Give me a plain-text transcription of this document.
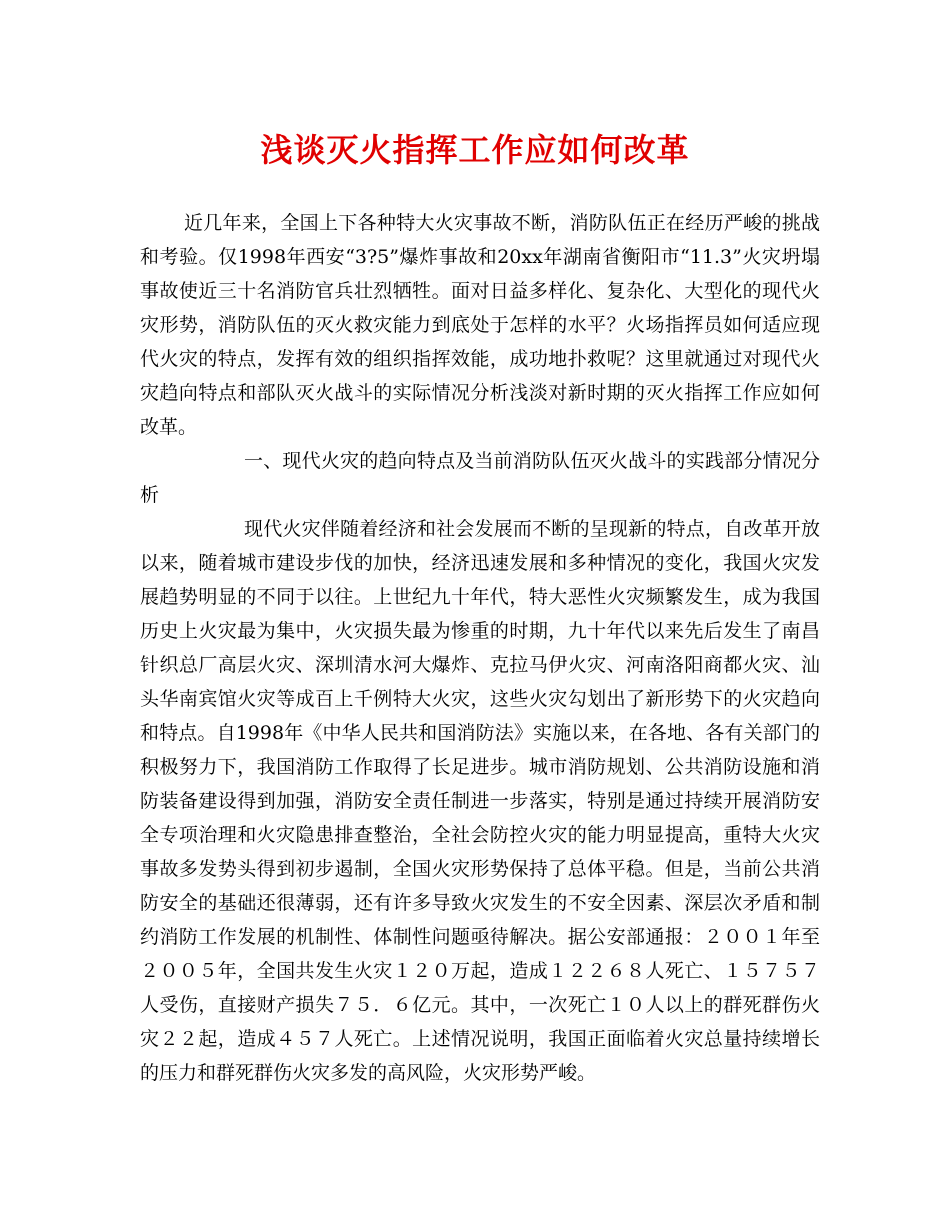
浅谈灭火指挥工作应如何改革

近几年来，全国上下各种特大火灾事故不断，消防队伍正在经历严峻的挑战和考验。仅1998年西安“3?5”爆炸事故和20xx年湖南省衡阳市“11.3”火灾坍塌事故使近三十名消防官兵壮烈牺牲。面对日益多样化、复杂化、大型化的现代火灾形势，消防队伍的灭火救灾能力到底处于怎样的水平？火场指挥员如何适应现代火灾的特点，发挥有效的组织指挥效能，成功地扑救呢？这里就通过对现代火灾趋向特点和部队灭火战斗的实际情况分析浅淡对新时期的灭火指挥工作应如何改革。

一、现代火灾的趋向特点及当前消防队伍灭火战斗的实践部分情况分析

现代火灾伴随着经济和社会发展而不断的呈现新的特点，自改革开放以来，随着城市建设步伐的加快，经济迅速发展和多种情况的变化，我国火灾发展趋势明显的不同于以往。上世纪九十年代，特大恶性火灾频繁发生，成为我国历史上火灾最为集中，火灾损失最为惨重的时期，九十年代以来先后发生了南昌针织总厂高层火灾、深圳清水河大爆炸、克拉马伊火灾、河南洛阳商都火灾、汕头华南宾馆火灾等成百上千例特大火灾，这些火灾勾划出了新形势下的火灾趋向和特点。自1998年《中华人民共和国消防法》实施以来，在各地、各有关部门的积极努力下，我国消防工作取得了长足进步。城市消防规划、公共消防设施和消防装备建设得到加强，消防安全责任制进一步落实，特别是通过持续开展消防安全专项治理和火灾隐患排查整治，全社会防控火灾的能力明显提高，重特大火灾事故多发势头得到初步遏制，全国火灾形势保持了总体平稳。但是，当前公共消防安全的基础还很薄弱，还有许多导致火灾发生的不安全因素、深层次矛盾和制约消防工作发展的机制性、体制性问题亟待解决。据公安部通报：２００１年至２００５年，全国共发生火灾１２０万起，造成１２２６８人死亡、１５７５７人受伤，直接财产损失７５．６亿元。其中，一次死亡１０人以上的群死群伤火灾２２起，造成４５７人死亡。上述情况说明，我国正面临着火灾总量持续增长的压力和群死群伤火灾多发的高风险，火灾形势严峻。
